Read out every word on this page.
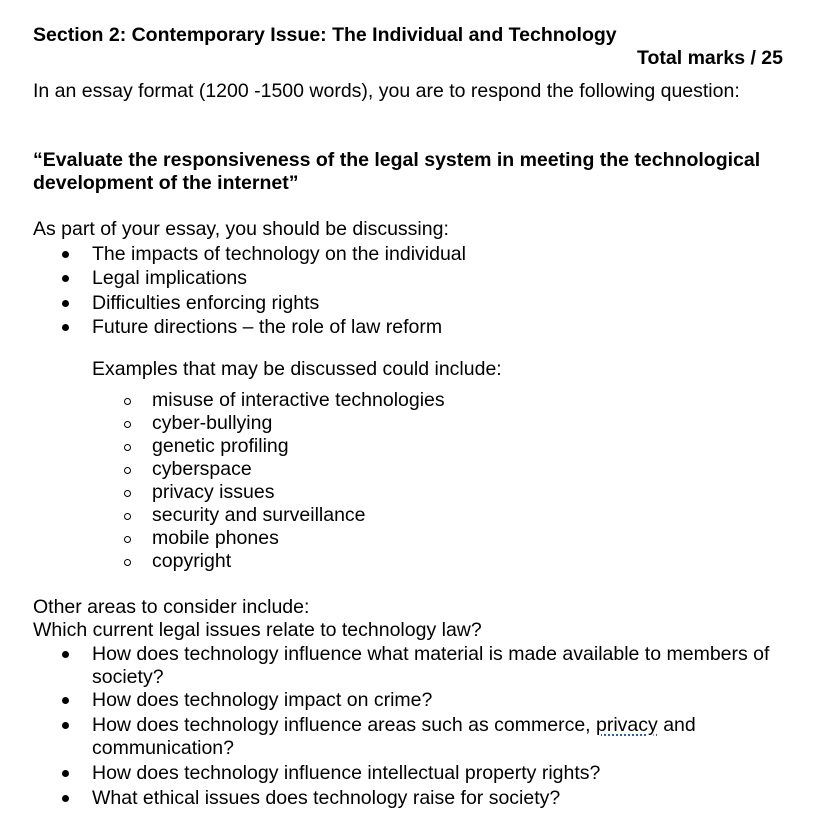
Section 2: Contemporary Issue: The Individual and Technology
Total marks / 25
In an essay format (1200 -1500 words), you are to respond the following question:
“Evaluate the responsiveness of the legal system in meeting the technological
development of the internet”
As part of your essay, you should be discussing:
The impacts of technology on the individual
Legal implications
Difficulties enforcing rights
Future directions – the role of law reform
Examples that may be discussed could include:
misuse of interactive technologies
cyber-bullying
genetic profiling
cyberspace
privacy issues
security and surveillance
mobile phones
copyright
Other areas to consider include:
Which current legal issues relate to technology law?
How does technology influence what material is made available to members of
society?
How does technology impact on crime?
How does technology influence areas such as commerce, privacy and
communication?
How does technology influence intellectual property rights?
What ethical issues does technology raise for society?
